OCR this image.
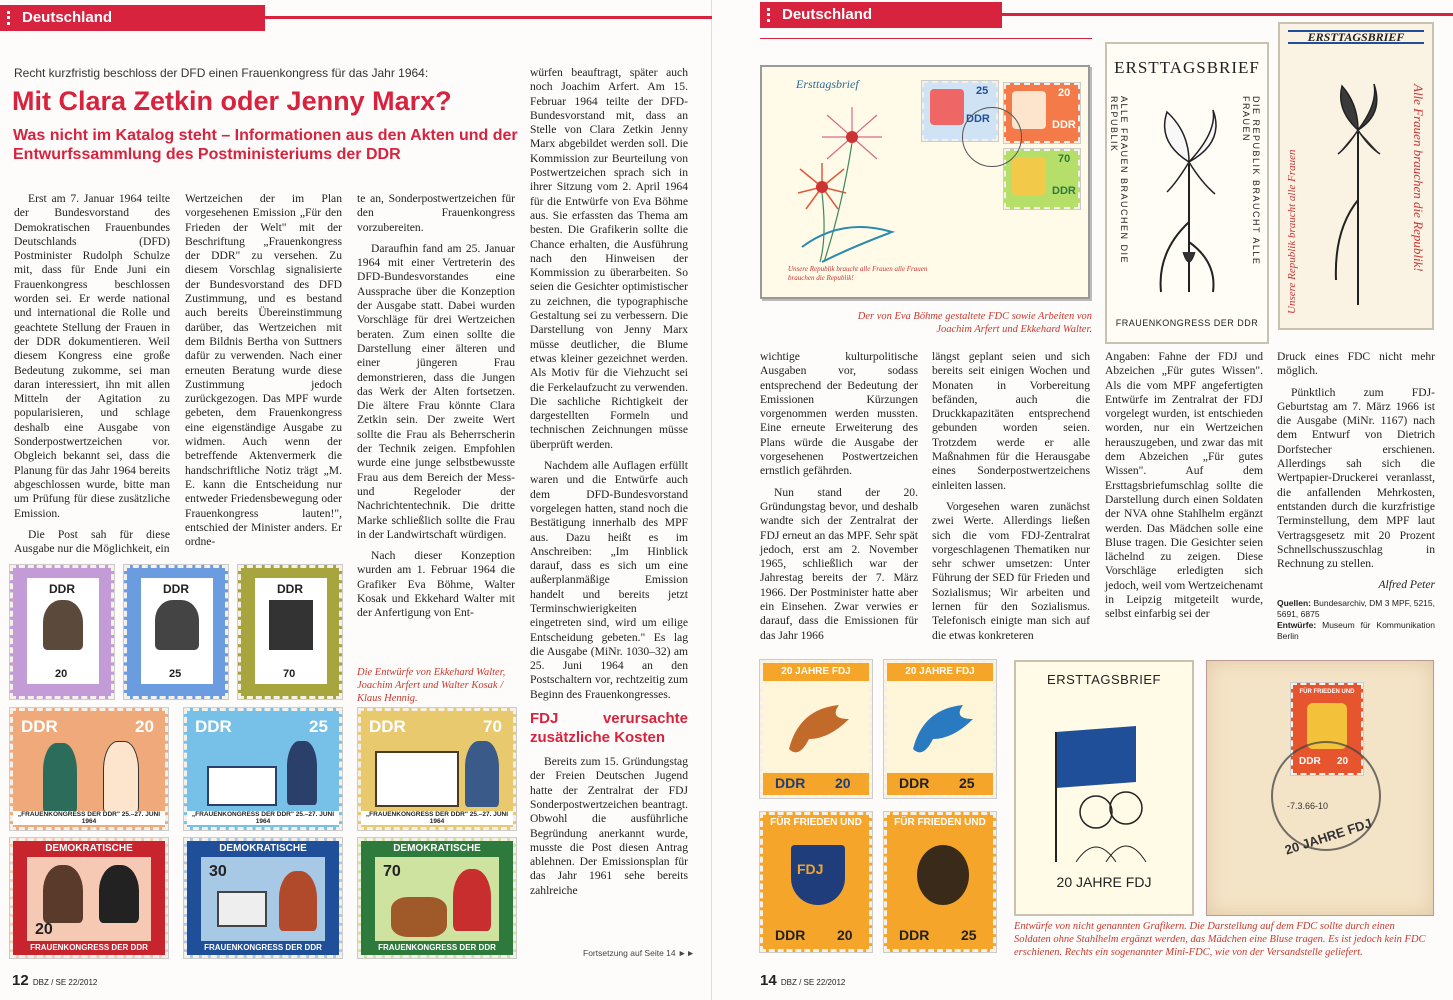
Deutschland
Recht kurzfristig beschloss der DFD einen Frauenkongress für das Jahr 1964:
Mit Clara Zetkin oder Jenny Marx?
Was nicht im Katalog steht – Informationen aus den Akten und der Entwurfssammlung des Postministeriums der DDR

Erst am 7. Januar 1964 teilte der Bundesvorstand des Demokratischen Frauenbundes Deutschlands (DFD) Postminister Rudolph Schulze mit, dass für Ende Juni ein Frauenkongress beschlossen worden sei. Er werde national und international die Rolle und geachtete Stellung der Frauen in der DDR dokumentieren. Weil diesem Kongress eine große Bedeutung zukomme, sei man daran interessiert, ihn mit allen Mitteln der Agitation zu popularisieren, und schlage deshalb eine Ausgabe von Sonderpostwertzeichen vor. Obgleich bekannt sei, dass die Planung für das Jahr 1964 bereits abgeschlossen wurde, bitte man um Prüfung für diese zusätzliche Emission.

Die Post sah für diese Ausgabe nur die Möglichkeit, ein

Wertzeichen der im Plan vorgesehenen Emission „Für den Frieden der Welt" mit der Beschriftung „Frauenkongress der DDR" zu versehen. Zu diesem Vorschlag signalisierte der Bundesvorstand des DFD Zustimmung, und es bestand auch bereits Übereinstimmung darüber, das Wertzeichen mit dem Bildnis Bertha von Suttners dafür zu verwenden. Nach einer erneuten Beratung wurde diese Zustimmung jedoch zurückgezogen. Das MPF wurde gebeten, dem Frauenkongress eine eigenständige Ausgabe zu widmen. Auch wenn der betreffende Aktenvermerk die handschriftliche Notiz trägt „M. E. kann die Entscheidung nur entweder Friedensbewegung oder Frauenkongress lauten!", entschied der Minister anders. Er ordne-

te an, Sonderpostwertzeichen für den Frauenkongress vorzubereiten.

Daraufhin fand am 25. Januar 1964 mit einer Vertreterin des DFD-Bundesvorstandes eine Aussprache über die Konzeption der Ausgabe statt. Dabei wurden Vorschläge für drei Wertzeichen beraten. Zum einen sollte die Darstellung einer älteren und einer jüngeren Frau demonstrieren, dass die Jungen das Werk der Alten fortsetzen. Die ältere Frau könnte Clara Zetkin sein. Der zweite Wert sollte die Frau als Beherrscherin der Technik zeigen. Empfohlen wurde eine junge selbstbewusste Frau aus dem Bereich der Mess- und Regeloder der Nachrichtentechnik. Die dritte Marke schließlich sollte die Frau in der Landwirtschaft würdigen.

Nach dieser Konzeption wurden am 1. Februar 1964 die Grafiker Eva Böhme, Walter Kosak und Ekkehard Walter mit der Anfertigung von Ent-

Die Entwürfe von Ekkehard Walter, Joachim Arfert und Walter Kosak / Klaus Hennig.

würfen beauftragt, später auch noch Joachim Arfert. Am 15. Februar 1964 teilte der DFD-Bundesvorstand mit, dass an Stelle von Clara Zetkin Jenny Marx abgebildet werden soll. Die Kommission zur Beurteilung von Postwertzeichen sprach sich in ihrer Sitzung vom 2. April 1964 für die Entwürfe von Eva Böhme aus. Sie erfassten das Thema am besten. Die Grafikerin sollte die Chance erhalten, die Ausführung nach den Hinweisen der Kommission zu überarbeiten. So seien die Gesichter optimistischer zu zeichnen, die typographische Gestaltung sei zu verbessern. Die Darstellung von Jenny Marx müsse deutlicher, die Blume etwas kleiner gezeichnet werden. Als Motiv für die Viehzucht sei die Ferkelaufzucht zu verwenden. Die sachliche Richtigkeit der dargestellten Formeln und technischen Zeichnungen müsse überprüft werden.

Nachdem alle Auflagen erfüllt waren und die Entwürfe auch dem DFD-Bundesvorstand vorgelegen hatten, stand noch die Bestätigung innerhalb des MPF aus. Dazu heißt es im Anschreiben: „Im Hinblick darauf, dass es sich um eine außerplanmäßige Emission handelt und bereits jetzt Terminschwierigkeiten eingetreten sind, wird um eilige Entscheidung gebeten." Es lag die Ausgabe (MiNr. 1030–32) am 25. Juni 1964 an den Postschaltern vor, rechtzeitig zum Beginn des Frauenkongresses.

FDJ verursachte zusätzliche Kosten

Bereits zum 15. Gründungstag der Freien Deutschen Jugend hatte der Zentralrat der FDJ Sonderpostwertzeichen beantragt. Obwohl die ausführliche Begründung anerkannt wurde, musste die Post diesen Antrag ablehnen. Der Emissionsplan für das Jahr 1961 sehe bereits zahlreiche

Fortsetzung auf Seite 14 ►►
DDR
20
DDR
25
DDR
70
DDR	20
„FRAUENKONGRESS DER DDR" 25.–27. JUNI 1964
DDR	25
„FRAUENKONGRESS DER DDR" 25.–27. JUNI 1964
DDR	70
„FRAUENKONGRESS DER DDR" 25.–27. JUNI 1964
DEMOKRATISCHE
FRAUENKONGRESS DER DDR
20
DEMOKRATISCHE
FRAUENKONGRESS DER DDR
30
DEMOKRATISCHE
FRAUENKONGRESS DER DDR
70
12 DBZ / SE 22/2012
Deutschland
Ersttagsbrief
Unsere Republik braucht alle Frauen alle Frauen brauchen die Republik!
DDR
25
DDR
20
DDR
70
Der von Eva Böhme gestaltete FDC sowie Arbeiten von Joachim Arfert und Ekkehard Walter.
ERSTTAGSBRIEF
ALLE FRAUEN BRAUCHEN DIE REPUBLIK	DIE REPUBLIK BRAUCHT ALLE FRAUEN
FRAUENKONGRESS DER DDR
ERSTTAGSBRIEF
Unsere Republik braucht alle Frauen	Alle Frauen brauchen die Republik!

wichtige kulturpolitische Ausgaben vor, sodass entsprechend der Bedeutung der Emissionen Kürzungen vorgenommen werden mussten. Eine erneute Erweiterung des Plans würde die Ausgabe der vorgesehenen Postwertzeichen ernstlich gefährden.

Nun stand der 20. Gründungstag bevor, und deshalb wandte sich der Zentralrat der FDJ erneut an das MPF. Sehr spät jedoch, erst am 2. November 1965, schließlich war der Jahrestag bereits der 7. März 1966. Der Postminister hatte aber ein Einsehen. Zwar verwies er darauf, dass die Emissionen für das Jahr 1966

längst geplant seien und sich bereits seit einigen Wochen und Monaten in Vorbereitung befänden, auch die Druckkapazitäten entsprechend gebunden worden seien. Trotzdem werde er alle Maßnahmen für die Herausgabe eines Sonderpostwertzeichens einleiten lassen.

Vorgesehen waren zunächst zwei Werte. Allerdings ließen sich die vom FDJ-Zentralrat vorgeschlagenen Thematiken nur sehr schwer umsetzen: Unter Führung der SED für Frieden und Sozialismus; Wir arbeiten und lernen für den Sozialismus. Telefonisch einigte man sich auf die etwas konkreteren

Angaben: Fahne der FDJ und Abzeichen „Für gutes Wissen". Als die vom MPF angefertigten Entwürfe im Zentralrat der FDJ vorgelegt wurden, ist entschieden worden, nur ein Wertzeichen herauszugeben, und zwar das mit dem Abzeichen „Für gutes Wissen". Auf dem Ersttagsbriefumschlag sollte die Darstellung durch einen Soldaten der NVA ohne Stahlhelm ergänzt werden. Das Mädchen solle eine Bluse tragen. Die Gesichter seien lächelnd zu zeigen. Diese Vorschläge erledigten sich jedoch, weil vom Wertzeichenamt in Leipzig mitgeteilt wurde, selbst einfarbig sei der

Druck eines FDC nicht mehr möglich.

Pünktlich zum FDJ-Geburtstag am 7. März 1966 ist die Ausgabe (MiNr. 1167) nach dem Entwurf von Dietrich Dorfstecher erschienen. Allerdings sah sich die Wertpapier-Druckerei veranlasst, die anfallenden Mehrkosten, entstanden durch die kurzfristige Terminstellung, dem MPF laut Vertragsgesetz mit 20 Prozent Schnellschusszuschlag in Rechnung zu stellen.

Alfred Peter

Quellen: Bundesarchiv, DM 3 MPF, 5215, 5691, 6875
Entwürfe: Museum für Kommunikation Berlin
20 JAHRE FDJ
DDR 20
20 JAHRE FDJ
DDR 25
FÜR FRIEDEN UND
FDJ
DDR 20
FÜR FRIEDEN UND
DDR 25
ERSTTAGSBRIEF
20 JAHRE FDJ
FÜR FRIEDEN UND
DDR 20
-7.3.66-10
20 JAHRE FDJ
Entwürfe von nicht genannten Grafikern. Die Darstellung auf dem FDC sollte durch einen Soldaten ohne Stahlhelm ergänzt werden, das Mädchen eine Bluse tragen. Es ist jedoch kein FDC erschienen. Rechts ein sogenannter Mini-FDC, wie von der Versandstelle geliefert.
14 DBZ / SE 22/2012
